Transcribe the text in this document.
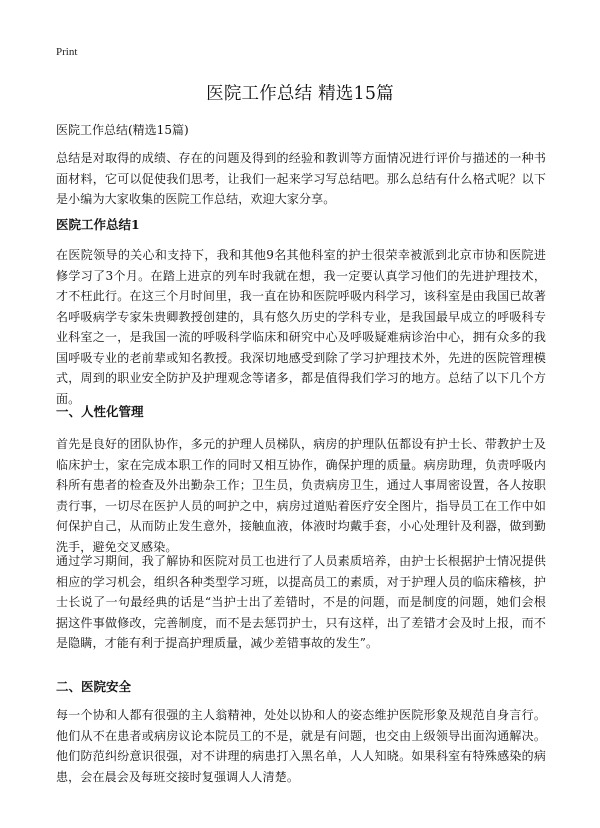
Print
医院工作总结 精选15篇

医院工作总结(精选15篇)

总结是对取得的成绩、存在的问题及得到的经验和教训等方面情况进行评价与描述的一种书面材料，它可以促使我们思考，让我们一起来学习写总结吧。那么总结有什么格式呢？以下是小编为大家收集的医院工作总结，欢迎大家分享。

医院工作总结1

在医院领导的关心和支持下，我和其他9名其他科室的护士很荣幸被派到北京市协和医院进修学习了3个月。在踏上进京的列车时我就在想，我一定要认真学习他们的先进护理技术，才不枉此行。在这三个月时间里，我一直在协和医院呼吸内科学习，该科室是由我国已故著名呼吸病学专家朱贵卿教授创建的，具有悠久历史的学科专业，是我国最早成立的呼吸科专业科室之一，是我国一流的呼吸科学临床和研究中心及呼吸疑难病诊治中心，拥有众多的我国呼吸专业的老前辈或知名教授。我深切地感受到除了学习护理技术外，先进的医院管理模式，周到的职业安全防护及护理观念等诸多，都是值得我们学习的地方。总结了以下几个方面。

一、人性化管理

首先是良好的团队协作，多元的护理人员梯队，病房的护理队伍都设有护士长、带教护士及临床护士，家在完成本职工作的同时又相互协作，确保护理的质量。病房助理，负责呼吸内科所有患者的检查及外出勤杂工作；卫生员，负责病房卫生，通过人事周密设置，各人按职责行事，一切尽在医护人员的呵护之中，病房过道贴着医疗安全图片，指导员工在工作中如何保护自己，从而防止发生意外，接触血液，体液时均戴手套，小心处理针及利器，做到勤洗手，避免交叉感染。

通过学习期间，我了解协和医院对员工也进行了人员素质培养，由护士长根据护士情况提供相应的学习机会，组织各种类型学习班，以提高员工的素质，对于护理人员的临床稽核，护士长说了一句最经典的话是“当护士出了差错时，不是的问题，而是制度的问题，她们会根据这件事做修改，完善制度，而不是去惩罚护士，只有这样，出了差错才会及时上报，而不是隐瞒，才能有利于提高护理质量，减少差错事故的发生”。

二、医院安全

每一个协和人都有很强的主人翁精神，处处以协和人的姿态维护医院形象及规范自身言行。他们从不在患者或病房议论本院员工的不是，就是有问题，也交由上级领导出面沟通解决。他们防范纠纷意识很强，对不讲理的病患打入黑名单，人人知晓。如果科室有特殊感染的病患，会在晨会及每班交接时复强调人人清楚。
